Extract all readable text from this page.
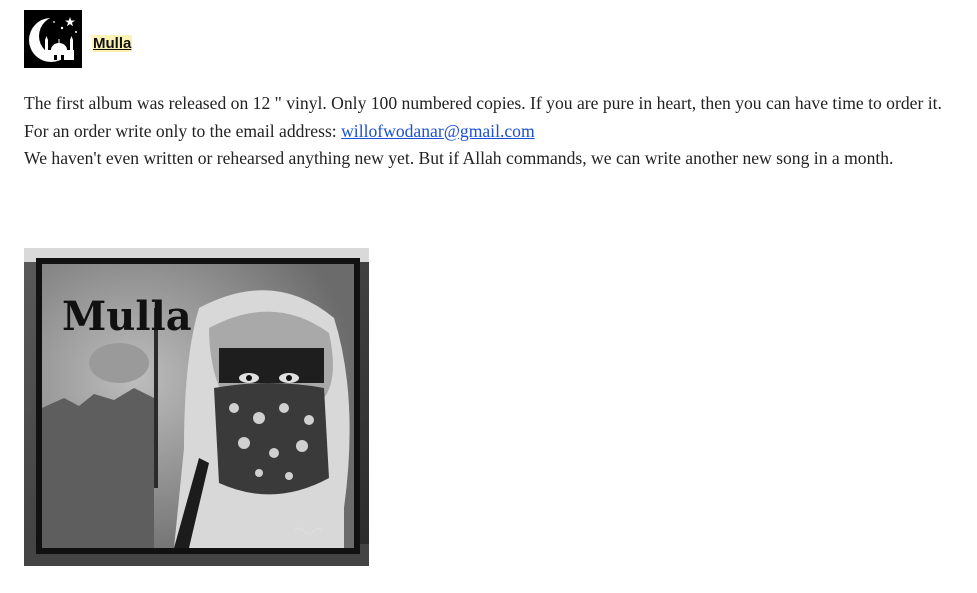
Mulla

The first album was released on 12 " vinyl. Only 100 numbered copies. If you are pure in heart, then you can have time to order it.

For an order write only to the email address: willofwodanar@gmail.com

We haven't even written or rehearsed anything new yet. But if Allah commands, we can write another new song in a month.

Mulla
